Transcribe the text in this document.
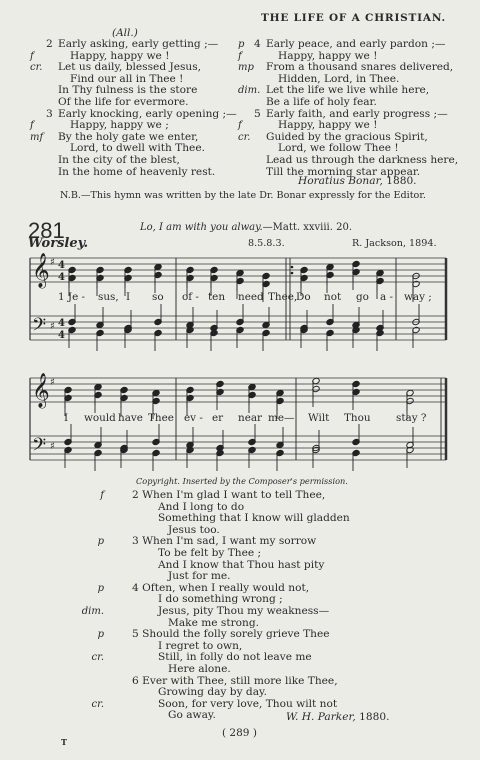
THE LIFE OF A CHRISTIAN.
(All.)
2 Early asking, early getting ;—
f	Happy, happy we !
cr. Let us daily, blessed Jesus,
Find our all in Thee !
In Thy fulness is the store
Of the life for evermore.
3 Early knocking, early opening ;—
f	Happy, happy we ;
mf By the holy gate we enter,
Lord, to dwell with Thee.
In the city of the blest,
In the home of heavenly rest.
p 4 Early peace, and early pardon ;—
f	Happy, happy we !
mp From a thousand snares delivered,
Hidden, Lord, in Thee.
dim. Let the life we live while here,
Be a life of holy fear.
5 Early faith, and early progress ;—
f	Happy, happy we !
cr. Guided by the gracious Spirit,
Lord, we follow Thee !
Lead us through the darkness here,
Till the morning star appear.
Horatius Bonar, 1880.
N.B.—This hymn was written by the late Dr. Bonar expressly for the Editor.
281	Lo, I am with you alway.—Matt. xxviii. 20.
Worsley.	8.5.8.3.	R. Jackson, 1894.
𝄞
𝄢
4
4
4
4
♯
♯
𝄞
𝄢
♯
♯
1 Je - sus, I so of - ten need Thee,
Do not go a - way ;
I would have Thee ev - er near me— Wilt Thou stay ?
Copyright. Inserted by the Composer's permission.
f	2 When I'm glad I want to tell Thee,
And I long to do
Something that I know will gladden
Jesus too.
p	3 When I'm sad, I want my sorrow
To be felt by Thee ;
And I know that Thou hast pity
Just for me.
p	4 Often, when I really would not,
I do something wrong ;
dim.	Jesus, pity Thou my weakness—
Make me strong.
p	5 Should the folly sorely grieve Thee
I regret to own,
cr.	Still, in folly do not leave me
Here alone.
6 Ever with Thee, still more like Thee,
Growing day by day.
cr.	Soon, for very love, Thou wilt not
Go away.	W. H. Parker, 1880.
( 289 )
T
